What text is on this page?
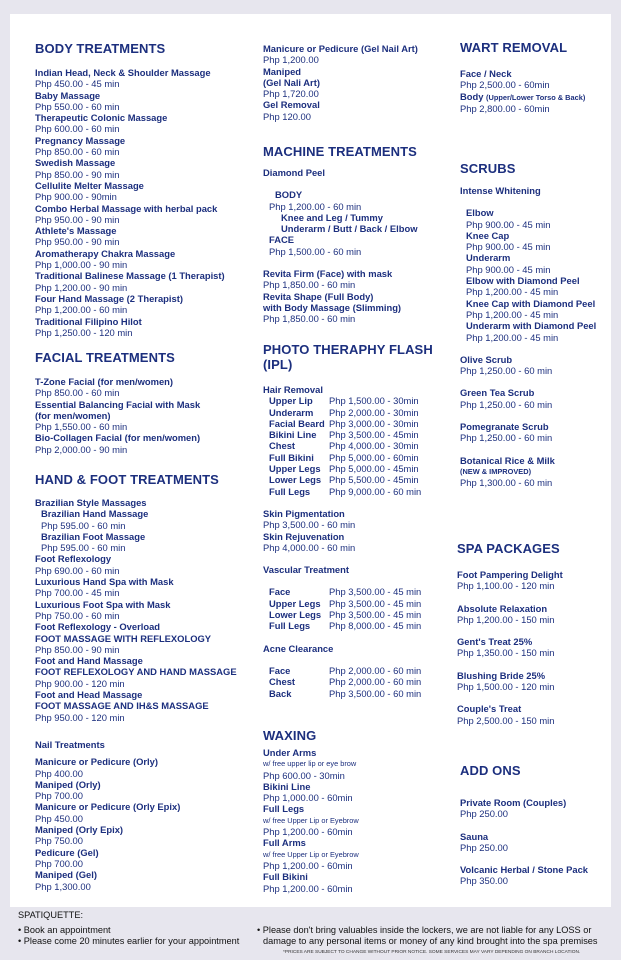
BODY TREATMENTS
Indian Head, Neck & Shoulder Massage
Php 450.00 - 45 min
Baby Massage
Php 550.00 - 60 min
Therapeutic Colonic Massage
Php 600.00 - 60 min
Pregnancy Massage
Php 850.00 - 60 min
Swedish Massage
Php 850.00 - 90 min
Cellulite Melter Massage
Php 900.00 - 90min
Combo Herbal Massage with herbal pack
Php 950.00 - 90 min
Athlete's Massage
Php 950.00 - 90 min
Aromatherapy Chakra Massage
Php 1,000.00 - 90 min
Traditional Balinese Massage (1 Therapist)
Php 1,200.00 - 90 min
Four Hand Massage (2 Therapist)
Php 1,200.00 - 60 min
Traditional Filipino Hilot
Php 1,250.00 - 120 min
FACIAL TREATMENTS
T-Zone Facial (for men/women)
Php 850.00 - 60 min
Essential Balancing Facial with Mask
(for men/women)
Php 1,550.00 - 60 min
Bio-Collagen Facial (for men/women)
Php 2,000.00 - 90 min
HAND & FOOT TREATMENTS
Brazilian Style Massages
Brazilian Hand Massage
Php 595.00 - 60 min
Brazilian Foot Massage
Php 595.00 - 60 min
Foot Reflexology
Php 690.00 - 60 min
Luxurious Hand Spa with Mask
Php 700.00 - 45 min
Luxurious Foot Spa with Mask
Php 750.00 - 60 min
Foot Reflexology - Overload
FOOT MASSAGE WITH REFLEXOLOGY
Php 850.00 - 90 min
Foot and Hand Massage
FOOT REFLEXOLOGY AND HAND MASSAGE
Php 900.00 - 120 min
Foot and Head Massage
FOOT MASSAGE AND IH&S MASSAGE
Php 950.00 - 120 min
Nail Treatments
Manicure or Pedicure (Orly)
Php 400.00
Maniped (Orly)
Php 700.00
Manicure or Pedicure (Orly Epix)
Php 450.00
Maniped (Orly Epix)
Php 750.00
Pedicure (Gel)
Php 700.00
Maniped (Gel)
Php 1,300.00
Manicure or Pedicure (Gel Nail Art)
Php 1,200.00
Maniped
(Gel Nali Art)
Php 1,720.00
Gel Removal
Php 120.00
MACHINE TREATMENTS
Diamond Peel
BODY
Php 1,200.00 - 60 min
Knee and Leg / Tummy
Underarm / Butt / Back / Elbow
FACE
Php 1,500.00 - 60 min
Revita Firm (Face) with mask
Php 1,850.00 - 60 min
Revita Shape (Full Body)
with Body Massage (Slimming)
Php 1,850.00 - 60 min
PHOTO THERAPHY FLASH
(IPL)
Hair Removal
Upper Lip	Php 1,500.00 - 30min
Underarm	Php 2,000.00 - 30min
Facial Beard Php 3,000.00 - 30min
Bikini Line	Php 3,500.00 - 45min
Chest	Php 4,000.00 - 30min
Full Bikini	Php 5,000.00 - 60min
Upper Legs Php 5,000.00 - 45min
Lower Legs Php 5,500.00 - 45min
Full Legs	Php 9,000.00 - 60 min
Skin Pigmentation
Php 3,500.00 - 60 min
Skin Rejuvenation
Php 4,000.00 - 60 min
Vascular Treatment
Face	Php 3,500.00 - 45 min
Upper Legs Php 3,500.00 - 45 min
Lower Legs Php 3,500.00 - 45 min
Full Legs	Php 8,000.00 - 45 min
Acne Clearance
Face	Php 2,000.00 - 60 min
Chest	Php 2,000.00 - 60 min
Back	Php 3,500.00 - 60 min
WAXING
Under Arms
w/ free upper lip or eye brow
Php 600.00 - 30min
Bikini Line
Php 1,000.00 - 60min
Full Legs
w/ free Upper Lip or Eyebrow
Php 1,200.00 - 60min
Full Arms
w/ free Upper Lip or Eyebrow
Php 1,200.00 - 60min
Full Bikini
Php 1,200.00 - 60min
WART REMOVAL
Face / Neck
Php 2,500.00 - 60min
Body (Upper/Lower Torso & Back)
Php 2,800.00 - 60min
SCRUBS
Intense Whitening
Elbow
Php 900.00 - 45 min
Knee Cap
Php 900.00 - 45 min
Underarm
Php 900.00 - 45 min
Elbow with Diamond Peel
Php 1,200.00 - 45 min
Knee Cap with Diamond Peel
Php 1,200.00 - 45 min
Underarm with Diamond Peel
Php 1,200.00 - 45 min
Olive Scrub
Php 1,250.00 - 60 min
Green Tea Scrub
Php 1,250.00 - 60 min
Pomegranate Scrub
Php 1,250.00 - 60 min
Botanical Rice & Milk
(NEW & IMPROVED)
Php 1,300.00 - 60 min
SPA PACKAGES
Foot Pampering Delight
Php 1,100.00 - 120 min
Absolute Relaxation
Php 1,200.00 - 150 min
Gent's Treat 25%
Php 1,350.00 - 150 min
Blushing Bride 25%
Php 1,500.00 - 120 min
Couple's Treat
Php 2,500.00 - 150 min
ADD ONS
Private Room (Couples)
Php 250.00
Sauna
Php 250.00
Volcanic Herbal / Stone Pack
Php 350.00
SPATIQUETTE:
• Book an appointment
• Please come 20 minutes earlier for your appointment
• Please don't bring valuables inside the lockers, we are not liable for any LOSS or
damage to any personal items or money of any kind brought into the spa premises
*PRICES ARE SUBJECT TO CHANGE WITHOUT PRIOR NOTICE. SOME SERVICES MAY VARY DEPENDING ON BRANCH LOCATION.
